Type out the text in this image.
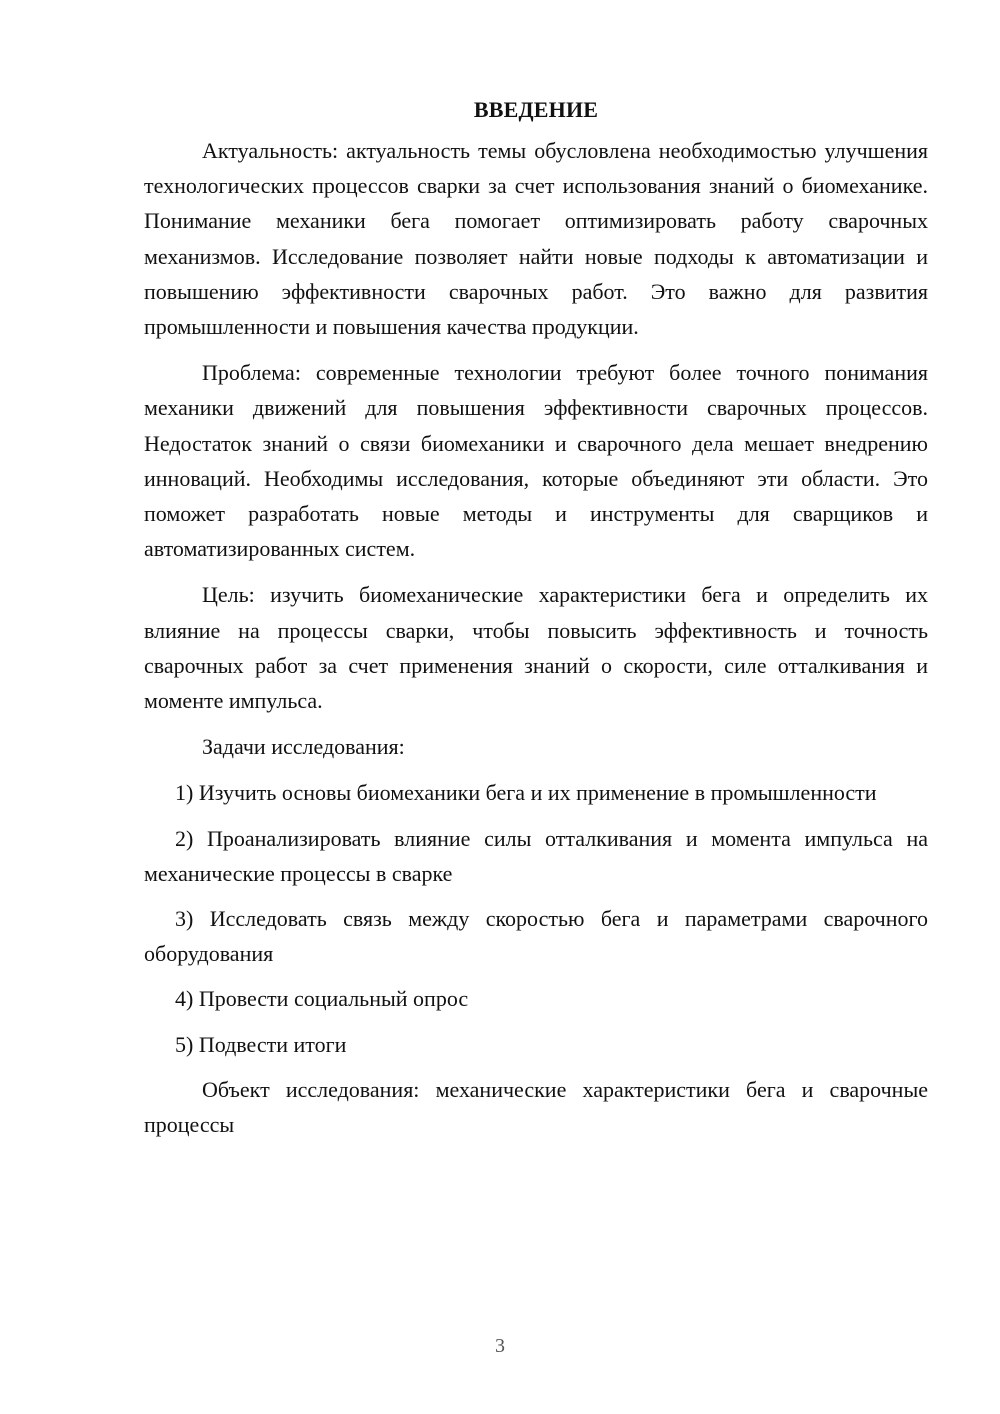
ВВЕДЕНИЕ

Актуальность: актуальность темы обусловлена необходимостью улучшения технологических процессов сварки за счет использования знаний о биомеханике. Понимание механики бега помогает оптимизировать работу сварочных механизмов. Исследование позволяет найти новые подходы к автоматизации и повышению эффективности сварочных работ. Это важно для развития промышленности и повышения качества продукции.

Проблема: современные технологии требуют более точного понимания механики движений для повышения эффективности сварочных процессов. Недостаток знаний о связи биомеханики и сварочного дела мешает внедрению инноваций. Необходимы исследования, которые объединяют эти области. Это поможет разработать новые методы и инструменты для сварщиков и автоматизированных систем.

Цель: изучить биомеханические характеристики бега и определить их влияние на процессы сварки, чтобы повысить эффективность и точность сварочных работ за счет применения знаний о скорости, силе отталкивания и моменте импульса.

Задачи исследования:

1) Изучить основы биомеханики бега и их применение в промышленности
2) Проанализировать влияние силы отталкивания и момента импульса на механические процессы в сварке
3) Исследовать связь между скоростью бега и параметрами сварочного оборудования
4) Провести социальный опрос
5) Подвести итоги

Объект исследования: механические характеристики бега и сварочные процессы

3
